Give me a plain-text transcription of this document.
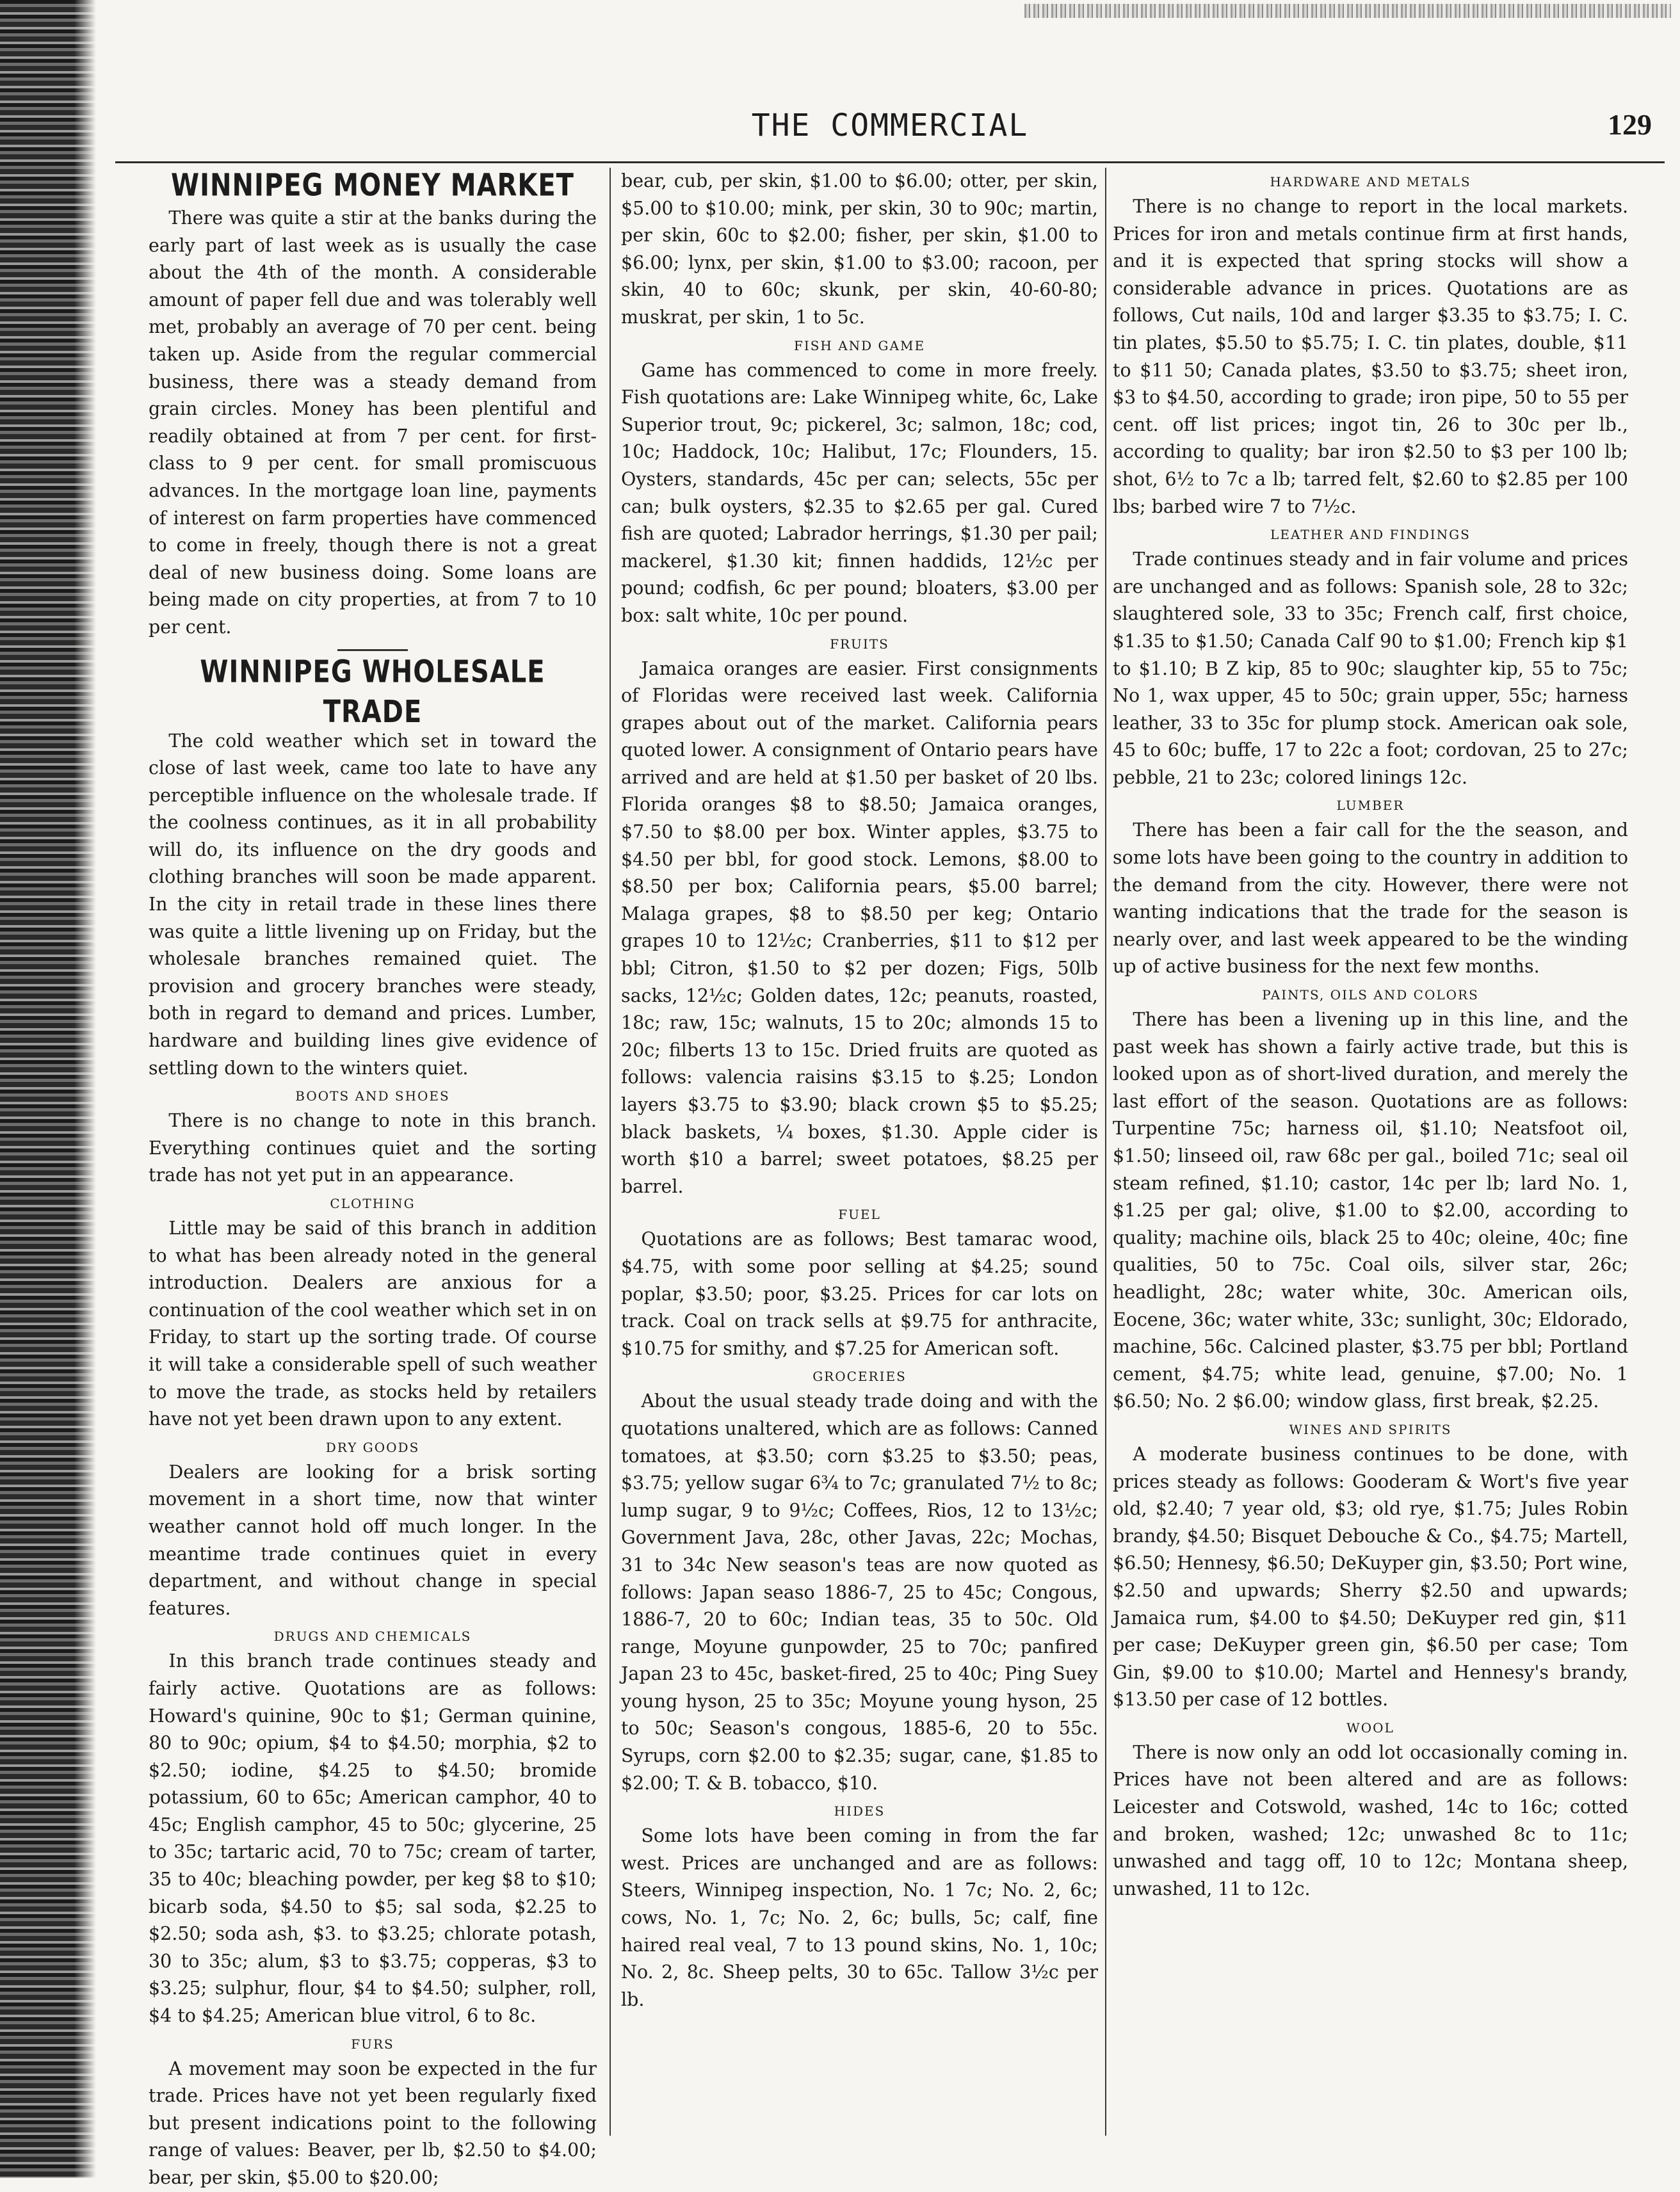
THE COMMERCIAL	129
WINNIPEG MONEY MARKET

There was quite a stir at the banks during the early part of last week as is usually the case about the 4th of the month. A considerable amount of paper fell due and was tolerably well met, probably an average of 70 per cent. being taken up. Aside from the regular commercial business, there was a steady demand from grain circles. Money has been plentiful and readily obtained at from 7 per cent. for first-class to 9 per cent. for small promiscuous advances. In the mortgage loan line, payments of interest on farm properties have commenced to come in freely, though there is not a great deal of new business doing. Some loans are being made on city properties, at from 7 to 10 per cent.

WINNIPEG WHOLESALE TRADE

The cold weather which set in toward the close of last week, came too late to have any perceptible influence on the wholesale trade. If the coolness continues, as it in all probability will do, its influence on the dry goods and clothing branches will soon be made apparent. In the city in retail trade in these lines there was quite a little livening up on Friday, but the wholesale branches remained quiet. The provision and grocery branches were steady, both in regard to demand and prices. Lumber, hardware and building lines give evidence of settling down to the winters quiet.

BOOTS AND SHOES

There is no change to note in this branch. Everything continues quiet and the sorting trade has not yet put in an appearance.

CLOTHING

Little may be said of this branch in addition to what has been already noted in the general introduction. Dealers are anxious for a continuation of the cool weather which set in on Friday, to start up the sorting trade. Of course it will take a considerable spell of such weather to move the trade, as stocks held by retailers have not yet been drawn upon to any extent.

DRY GOODS

Dealers are looking for a brisk sorting movement in a short time, now that winter weather cannot hold off much longer. In the meantime trade continues quiet in every department, and without change in special features.

DRUGS AND CHEMICALS

In this branch trade continues steady and fairly active. Quotations are as follows: Howard's quinine, 90c to $1; German quinine, 80 to 90c; opium, $4 to $4.50; morphia, $2 to $2.50; iodine, $4.25 to $4.50; bromide potassium, 60 to 65c; American camphor, 40 to 45c; English camphor, 45 to 50c; glycerine, 25 to 35c; tartaric acid, 70 to 75c; cream of tarter, 35 to 40c; bleaching powder, per keg $8 to $10; bicarb soda, $4.50 to $5; sal soda, $2.25 to $2.50; soda ash, $3. to $3.25; chlorate potash, 30 to 35c; alum, $3 to $3.75; copperas, $3 to $3.25; sulphur, flour, $4 to $4.50; sulpher, roll, $4 to $4.25; American blue vitrol, 6 to 8c.

FURS

A movement may soon be expected in the fur trade. Prices have not yet been regularly fixed but present indications point to the following range of values: Beaver, per lb, $2.50 to $4.00; bear, per skin, $5.00 to $20.00;

bear, cub, per skin, $1.00 to $6.00; otter, per skin, $5.00 to $10.00; mink, per skin, 30 to 90c; martin, per skin, 60c to $2.00; fisher, per skin, $1.00 to $6.00; lynx, per skin, $1.00 to $3.00; racoon, per skin, 40 to 60c; skunk, per skin, 40-60-80; muskrat, per skin, 1 to 5c.

FISH AND GAME

Game has commenced to come in more freely. Fish quotations are: Lake Winnipeg white, 6c, Lake Superior trout, 9c; pickerel, 3c; salmon, 18c; cod, 10c; Haddock, 10c; Halibut, 17c; Flounders, 15. Oysters, standards, 45c per can; selects, 55c per can; bulk oysters, $2.35 to $2.65 per gal. Cured fish are quoted; Labrador herrings, $1.30 per pail; mackerel, $1.30 kit; finnen haddids, 12½c per pound; codfish, 6c per pound; bloaters, $3.00 per box: salt white, 10c per pound.

FRUITS

Jamaica oranges are easier. First consignments of Floridas were received last week. California grapes about out of the market. California pears quoted lower. A consignment of Ontario pears have arrived and are held at $1.50 per basket of 20 lbs. Florida oranges $8 to $8.50; Jamaica oranges, $7.50 to $8.00 per box. Winter apples, $3.75 to $4.50 per bbl, for good stock. Lemons, $8.00 to $8.50 per box; California pears, $5.00 barrel; Malaga grapes, $8 to $8.50 per keg; Ontario grapes 10 to 12½c; Cranberries, $11 to $12 per bbl; Citron, $1.50 to $2 per dozen; Figs, 50lb sacks, 12½c; Golden dates, 12c; peanuts, roasted, 18c; raw, 15c; walnuts, 15 to 20c; almonds 15 to 20c; filberts 13 to 15c. Dried fruits are quoted as follows: valencia raisins $3.15 to $.25; London layers $3.75 to $3.90; black crown $5 to $5.25; black baskets, ¼ boxes, $1.30. Apple cider is worth $10 a barrel; sweet potatoes, $8.25 per barrel.

FUEL

Quotations are as follows; Best tamarac wood, $4.75, with some poor selling at $4.25; sound poplar, $3.50; poor, $3.25. Prices for car lots on track. Coal on track sells at $9.75 for anthracite, $10.75 for smithy, and $7.25 for American soft.

GROCERIES

About the usual steady trade doing and with the quotations unaltered, which are as follows: Canned tomatoes, at $3.50; corn $3.25 to $3.50; peas, $3.75; yellow sugar 6¾ to 7c; granulated 7½ to 8c; lump sugar, 9 to 9½c; Coffees, Rios, 12 to 13½c; Government Java, 28c, other Javas, 22c; Mochas, 31 to 34c New season's teas are now quoted as follows: Japan seaso 1886-7, 25 to 45c; Congous, 1886-7, 20 to 60c; Indian teas, 35 to 50c. Old range, Moyune gunpowder, 25 to 70c; panfired Japan 23 to 45c, basket-fired, 25 to 40c; Ping Suey young hyson, 25 to 35c; Moyune young hyson, 25 to 50c; Season's congous, 1885-6, 20 to 55c. Syrups, corn $2.00 to $2.35; sugar, cane, $1.85 to $2.00; T. & B. tobacco, $10.

HIDES

Some lots have been coming in from the far west. Prices are unchanged and are as follows: Steers, Winnipeg inspection, No. 1 7c; No. 2, 6c; cows, No. 1, 7c; No. 2, 6c; bulls, 5c; calf, fine haired real veal, 7 to 13 pound skins, No. 1, 10c; No. 2, 8c. Sheep pelts, 30 to 65c. Tallow 3½c per lb.

HARDWARE AND METALS

There is no change to report in the local markets. Prices for iron and metals continue firm at first hands, and it is expected that spring stocks will show a considerable advance in prices. Quotations are as follows, Cut nails, 10d and larger $3.35 to $3.75; I. C. tin plates, $5.50 to $5.75; I. C. tin plates, double, $11 to $11 50; Canada plates, $3.50 to $3.75; sheet iron, $3 to $4.50, according to grade; iron pipe, 50 to 55 per cent. off list prices; ingot tin, 26 to 30c per lb., according to quality; bar iron $2.50 to $3 per 100 lb; shot, 6½ to 7c a lb; tarred felt, $2.60 to $2.85 per 100 lbs; barbed wire 7 to 7½c.

LEATHER AND FINDINGS

Trade continues steady and in fair volume and prices are unchanged and as follows: Spanish sole, 28 to 32c; slaughtered sole, 33 to 35c; French calf, first choice, $1.35 to $1.50; Canada Calf 90 to $1.00; French kip $1 to $1.10; B Z kip, 85 to 90c; slaughter kip, 55 to 75c; No 1, wax upper, 45 to 50c; grain upper, 55c; harness leather, 33 to 35c for plump stock. American oak sole, 45 to 60c; buffe, 17 to 22c a foot; cordovan, 25 to 27c; pebble, 21 to 23c; colored linings 12c.

LUMBER

There has been a fair call for the the season, and some lots have been going to the country in addition to the demand from the city. However, there were not wanting indications that the trade for the season is nearly over, and last week appeared to be the winding up of active business for the next few months.

PAINTS, OILS AND COLORS

There has been a livening up in this line, and the past week has shown a fairly active trade, but this is looked upon as of short-lived duration, and merely the last effort of the season. Quotations are as follows: Turpentine 75c; harness oil, $1.10; Neatsfoot oil, $1.50; linseed oil, raw 68c per gal., boiled 71c; seal oil steam refined, $1.10; castor, 14c per lb; lard No. 1, $1.25 per gal; olive, $1.00 to $2.00, according to quality; machine oils, black 25 to 40c; oleine, 40c; fine qualities, 50 to 75c. Coal oils, silver star, 26c; headlight, 28c; water white, 30c. American oils, Eocene, 36c; water white, 33c; sunlight, 30c; Eldorado, machine, 56c. Calcined plaster, $3.75 per bbl; Portland cement, $4.75; white lead, genuine, $7.00; No. 1 $6.50; No. 2 $6.00; window glass, first break, $2.25.

WINES AND SPIRITS

A moderate business continues to be done, with prices steady as follows: Gooderam & Wort's five year old, $2.40; 7 year old, $3; old rye, $1.75; Jules Robin brandy, $4.50; Bisquet Debouche & Co., $4.75; Martell, $6.50; Hennesy, $6.50; DeKuyper gin, $3.50; Port wine, $2.50 and upwards; Sherry $2.50 and upwards; Jamaica rum, $4.00 to $4.50; DeKuyper red gin, $11 per case; DeKuyper green gin, $6.50 per case; Tom Gin, $9.00 to $10.00; Martel and Hennesy's brandy, $13.50 per case of 12 bottles.

WOOL

There is now only an odd lot occasionally coming in. Prices have not been altered and are as follows: Leicester and Cotswold, washed, 14c to 16c; cotted and broken, washed; 12c; unwashed 8c to 11c; unwashed and tagg off, 10 to 12c; Montana sheep, unwashed, 11 to 12c.
